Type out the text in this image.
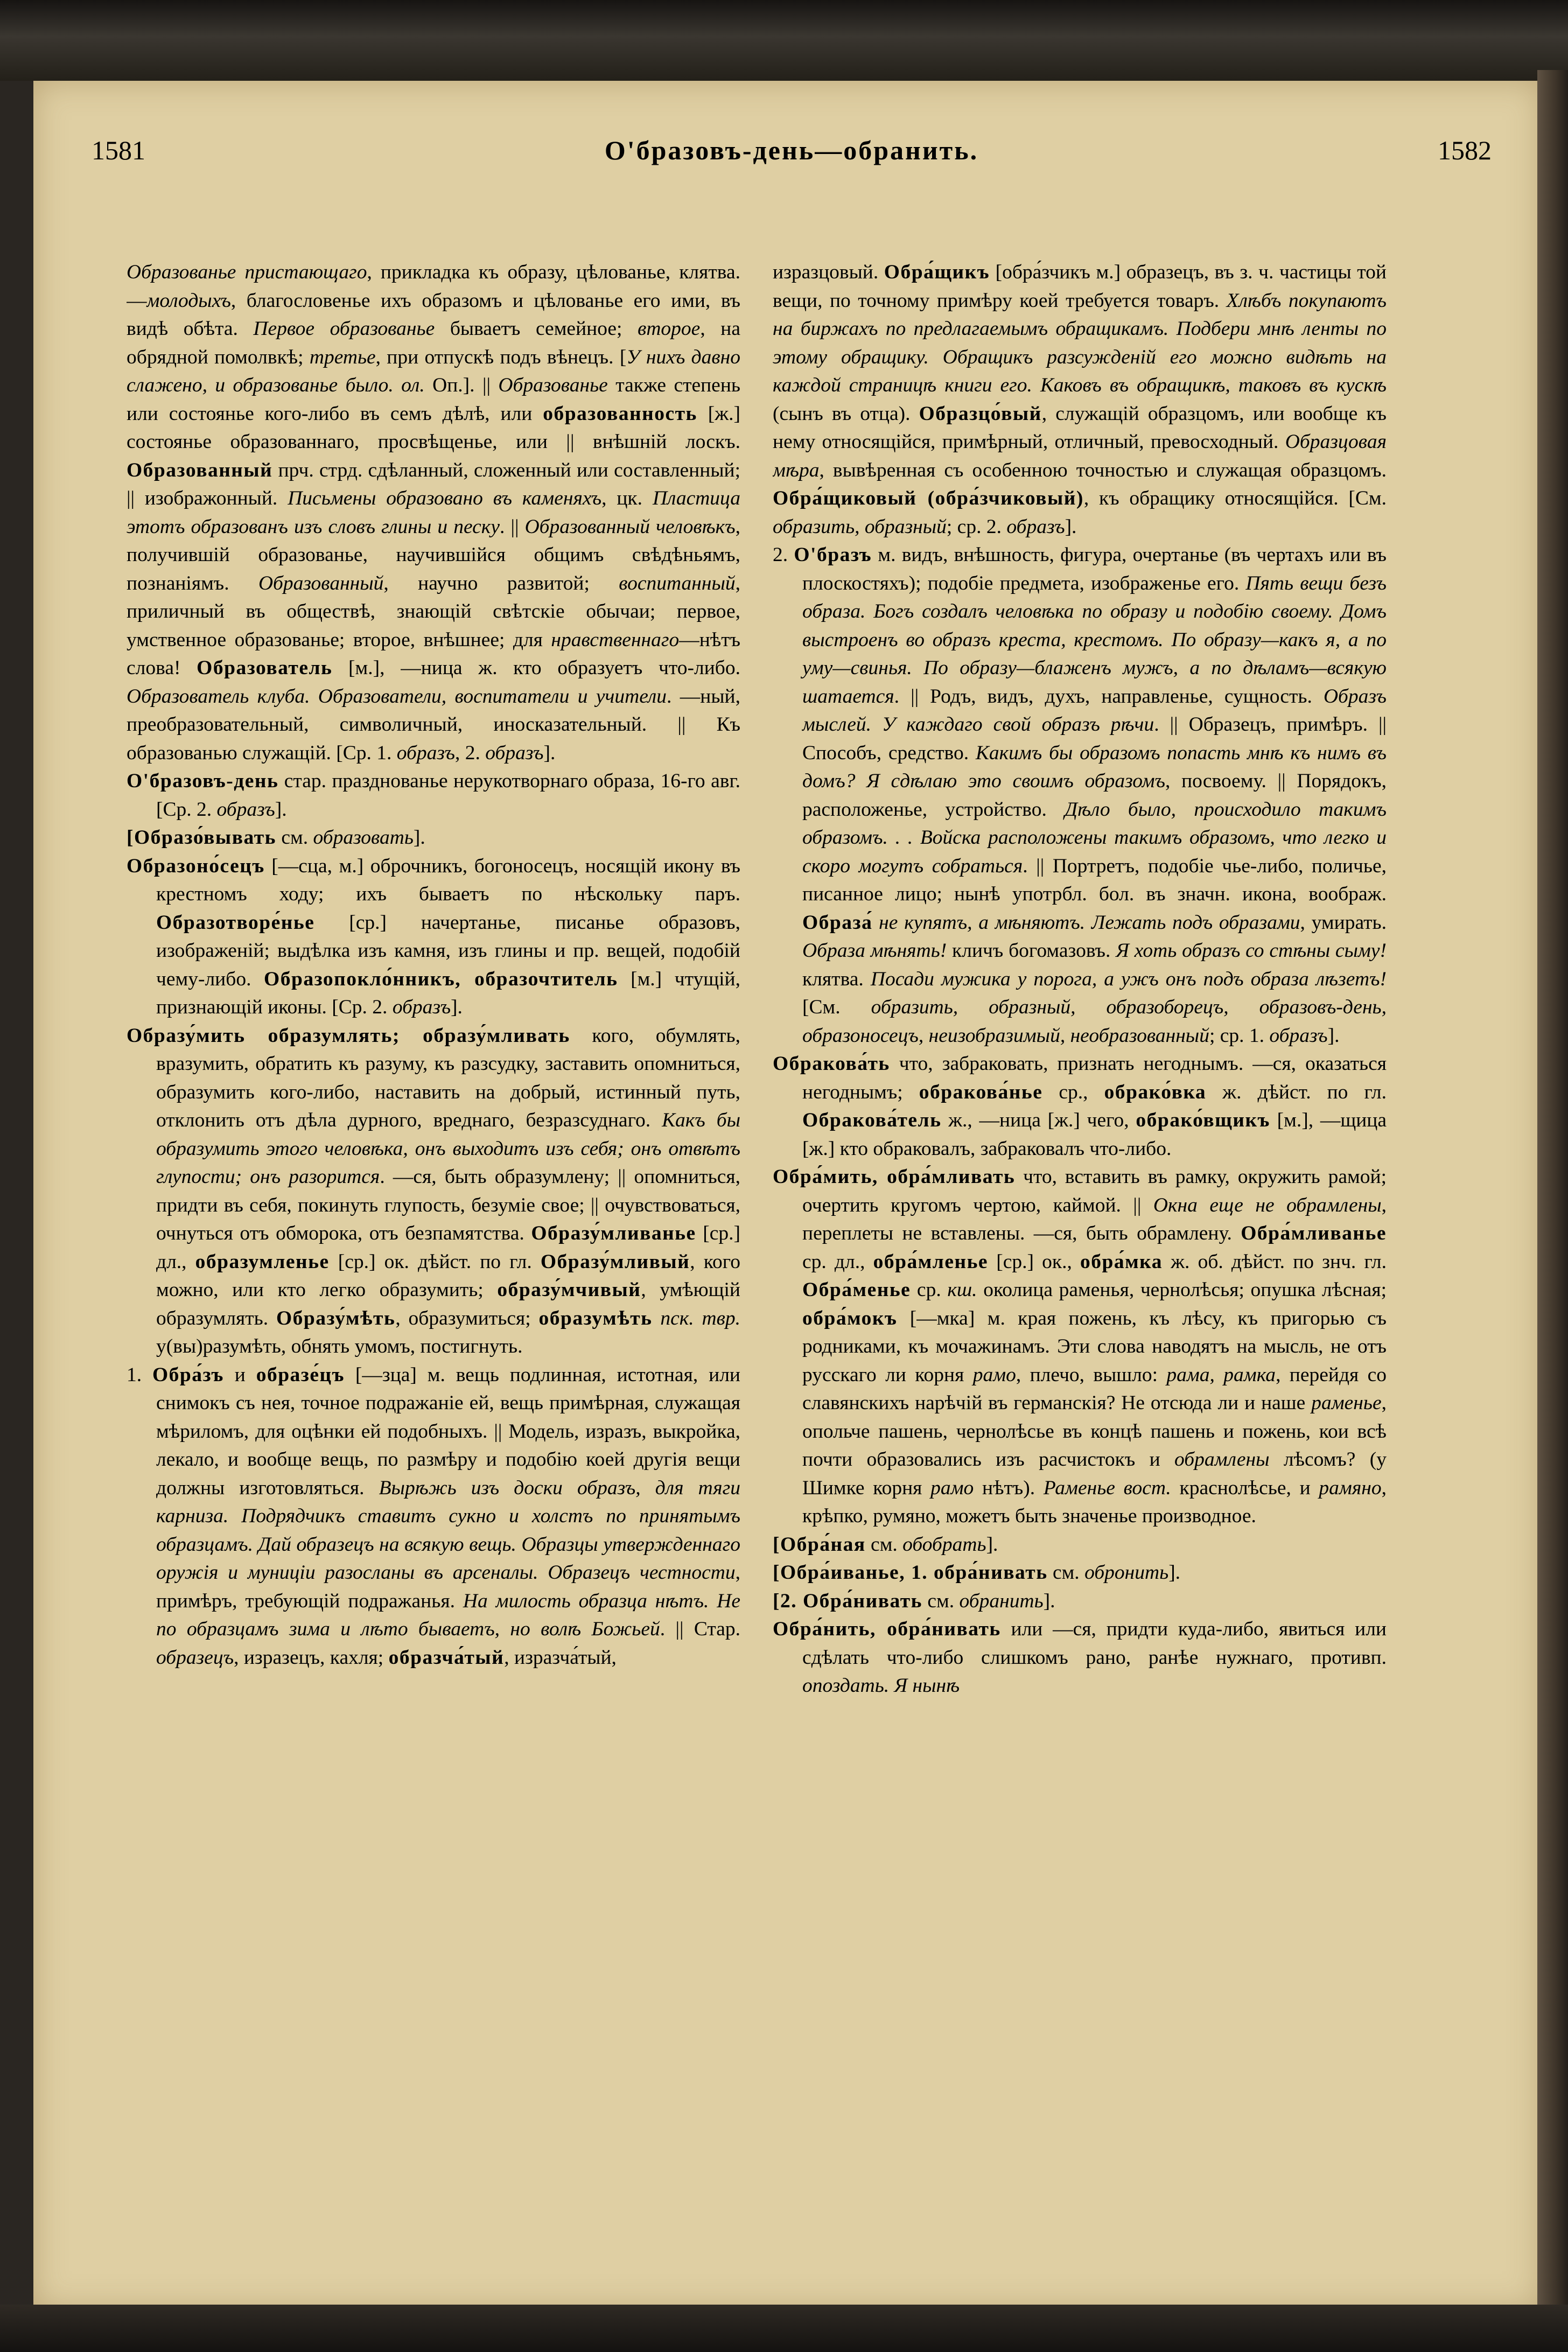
1581	О'бразовъ-день—обранить.	1582

Образованье пристающаго, прикладка къ образу, цѣлованье, клятва. —молодыхъ, благословенье ихъ образомъ и цѣлованье его ими, въ видѣ обѣта. Первое образованье бываетъ семейное; второе, на обрядной помолвкѣ; третье, при отпускѣ подъ вѣнецъ. [У нихъ давно слажено, и образованье было. ол. Оп.]. || Образованье также степень или состоянье кого-либо въ семъ дѣлѣ, или образованность [ж.] состоянье образованнаго, просвѣщенье, или || внѣшній лоскъ. Образованный прч. стрд. сдѣланный, сложенный или составленный; || изображонный. Письмены образовано въ каменяхъ, цк. Пластица этотъ образованъ изъ словъ глины и песку. || Образованный человѣкъ, получившій образованье, научившійся общимъ свѣдѣньямъ, познаніямъ. Образованный, научно развитой; воспитанный, приличный въ обществѣ, знающій свѣтскіе обычаи; первое, умственное образованье; второе, внѣшнее; для нравственнаго—нѣтъ слова! Образователь [м.], —ница ж. кто образуетъ что-либо. Образователь клуба. Образователи, воспитатели и учители. —ный, преобразовательный, символичный, иносказательный. || Къ образованью служащій. [Ср. 1. образъ, 2. образъ].

О'бразовъ-день стар. празднованье нерукотворнаго образа, 16-го авг. [Ср. 2. образъ].

[Образо́вывать см. образовать].

Образоно́сецъ [—сца, м.] оброчникъ, богоносецъ, носящій икону въ крестномъ ходу; ихъ бываетъ по нѣскольку паръ. Образотворе́нье [ср.] начертанье, писанье образовъ, изображеній; выдѣлка изъ камня, изъ глины и пр. вещей, подобій чему-либо. Образопокло́нникъ, образочтитель [м.] чтущій, признающій иконы. [Ср. 2. образъ].

Образу́мить образумлять; образу́мливать кого, обумлять, вразумить, обратить къ разуму, къ разсудку, заставить опомниться, образумить кого-либо, наставить на добрый, истинный путь, отклонить отъ дѣла дурного, вреднаго, безразсуднаго. Какъ бы образумить этого человѣка, онъ выходитъ изъ себя; онъ отвѣтъ глупости; онъ разорится. —ся, быть образумлену; || опомниться, придти въ себя, покинуть глупость, безумie свое; || очувствоваться, очнуться отъ обморока, отъ безпамятства. Образу́мливанье [ср.] дл., образумленье [ср.] ок. дѣйст. по гл. Образу́мливый, кого можно, или кто легко образумить; образу́мчивый, умѣющій образумлять. Образу́мѣть, образумиться; образумѣть пск. твр. у(вы)разумѣть, обнять умомъ, постигнуть.

1. Обра́зъ и образе́цъ [—зца] м. вещь подлинная, истотная, или снимокъ съ нея, точное подражаніе ей, вещь примѣрная, служащая мѣриломъ, для оцѣнки ей подобныхъ. || Модель, изразъ, выкройка, лекало, и вообще вещь, по размѣру и подобію коей другія вещи должны изготовляться. Вырѣжь изъ доски образъ, для тяги карниза. Подрядчикъ ставитъ сукно и холстъ по принятымъ образцамъ. Дай образецъ на всякую вещь. Образцы утвержденнаго оружія и муниціи разосланы въ арсеналы. Образецъ честности, примѣръ, требующій подражанья. На милость образца нѣтъ. Не по образцамъ зима и лѣто бываетъ, но волѣ Божьей. || Стар. образецъ, изразецъ, кахля; образча́тый, изразча́тый,

изразцовый. Обра́щикъ [обра́зчикъ м.] образецъ, въ з. ч. частицы той вещи, по точному примѣру коей требуется товаръ. Хлѣбъ покупаютъ на биржахъ по предлагаемымъ обращикамъ. Подбери мнѣ ленты по этому обращику. Обращикъ разсужденій его можно видѣть на каждой страницѣ книги его. Каковъ въ обращикѣ, таковъ въ кускѣ (сынъ въ отца). Образцо́вый, служащій образцомъ, или вообще къ нему относящійся, примѣрный, отличный, превосходный. Образцовая мѣра, вывѣренная съ особенною точностью и служащая образцомъ. Обра́щиковый (обра́зчиковый), къ обращику относящійся. [См. образить, образный; ср. 2. образъ].

2. О'бразъ м. видъ, внѣшность, фигура, очертанье (въ чертахъ или въ плоскостяхъ); подобіе предмета, изображенье его. Пять вещи безъ образа. Богъ создалъ человѣка по образу и подобію своему. Домъ выстроенъ во образъ креста, крестомъ. По образу—какъ я, а по уму—свинья. По образу—блаженъ мужъ, а по дѣламъ—всякую шатается. || Родъ, видъ, духъ, направленье, сущность. Образъ мыслей. У каждаго свой образъ рѣчи. || Образецъ, примѣръ. || Способъ, средство. Какимъ бы образомъ попасть мнѣ къ нимъ въ домъ? Я сдѣлаю это своимъ образомъ, посвоему. || Порядокъ, расположенье, устройство. Дѣло было, происходило такимъ образомъ. . . Войска расположены такимъ образомъ, что легко и скоро могутъ собраться. || Портретъ, подобіе чье-либо, поличье, писанное лицо; нынѣ употрбл. бол. въ значн. икона, воображ. Образа́ не купятъ, а мѣняютъ. Лежать подъ образами, умирать. Образа мѣнять! кличъ богомазовъ. Я хоть образъ со стѣны сыму! клятва. Посади мужика у порога, а ужъ онъ подъ образа лѣзетъ! [См. образить, образный, образоборецъ, образовъ-день, образоносецъ, неизобразимый, необразованный; ср. 1. образъ].

Обракова́ть что, забраковать, признать негоднымъ. —ся, оказаться негоднымъ; обракова́нье ср., обрако́вка ж. дѣйст. по гл. Обракова́тель ж., —ница [ж.] чего, обрако́вщикъ [м.], —щица [ж.] кто обраковалъ, забраковалъ что-либо.

Обра́мить, обра́мливать что, вставить въ рамку, окружить рамой; очертить кругомъ чертою, каймой. || Окна еще не обрамлены, переплеты не вставлены. —ся, быть обрамлену. Обра́мливанье ср. дл., обра́мленье [ср.] ок., обра́мка ж. об. дѣйст. по знч. гл. Обра́менье ср. кш. околица раменья, чернолѣсья; опушка лѣсная; обра́мокъ [—мка] м. края пожень, къ лѣсу, къ пригорью съ родниками, къ мочажинамъ. Эти слова наводятъ на мысль, не отъ русскаго ли корня рамо, плечо, вышло: рама, рамка, перейдя со славянскихъ нарѣчій въ германскія? Не отсюда ли и наше раменье, опольче пашень, чернолѣсье въ концѣ пашень и пожень, кои всѣ почти образовались изъ расчистокъ и обрамлены лѣсомъ? (у Шимке корня рамо нѣтъ). Раменье вост. краснолѣсье, и рамяно, крѣпко, румяно, можетъ быть значенье производное.

[Обра́ная см. обобрать].

[Обра́иванье, 1. обра́нивать см. обронить].

[2. Обра́нивать см. обранить].

Обра́нить, обра́нивать или —ся, придти куда-либо, явиться или сдѣлать что-либо слишкомъ рано, ранѣе нужнаго, противп. опоздать. Я нынѣ
